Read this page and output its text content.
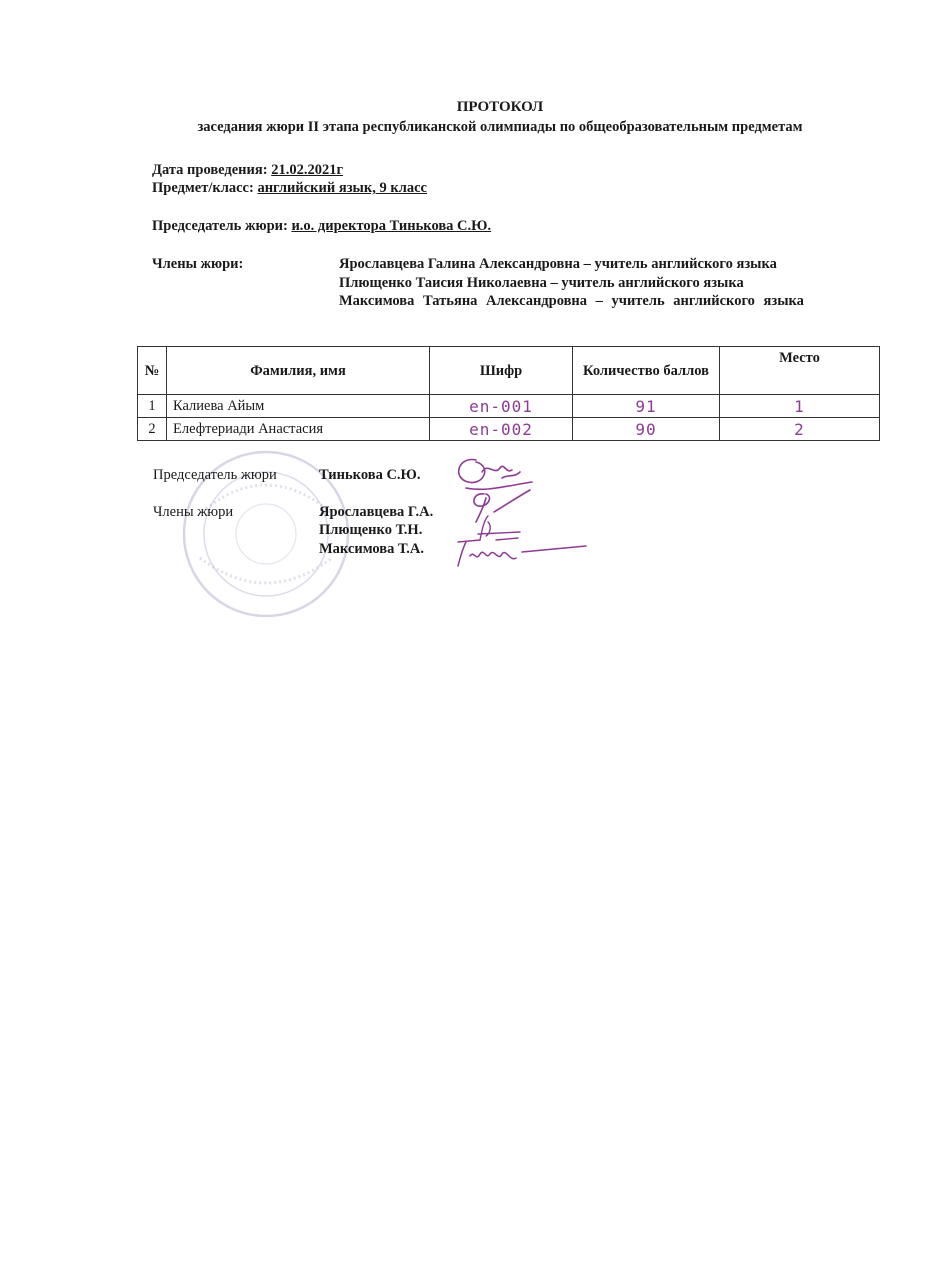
ПРОТОКОЛ
заседания жюри II этапа республиканской олимпиады по общеобразовательным предметам
Дата проведения: 21.02.2021г
Предмет/класс: английский язык, 9 класс
Председатель жюри: и.о. директора Тинькова С.Ю.
Члены жюри:	Ярославцева Галина Александровна – учитель английского языка
Плющенко Таисия Николаевна – учитель английского языка
Максимова Татьяна Александровна – учитель английского языка
№	Фамилия, имя	Шифр	Количество баллов	Место
1	Калиева Айым	en-001	91	1
2	Елефтериади Анастасия	en-002	90	2
Председатель жюри	Тинькова С.Ю.
Члены жюри	Ярославцева Г.А.
Плющенко Т.Н.
Максимова Т.А.
